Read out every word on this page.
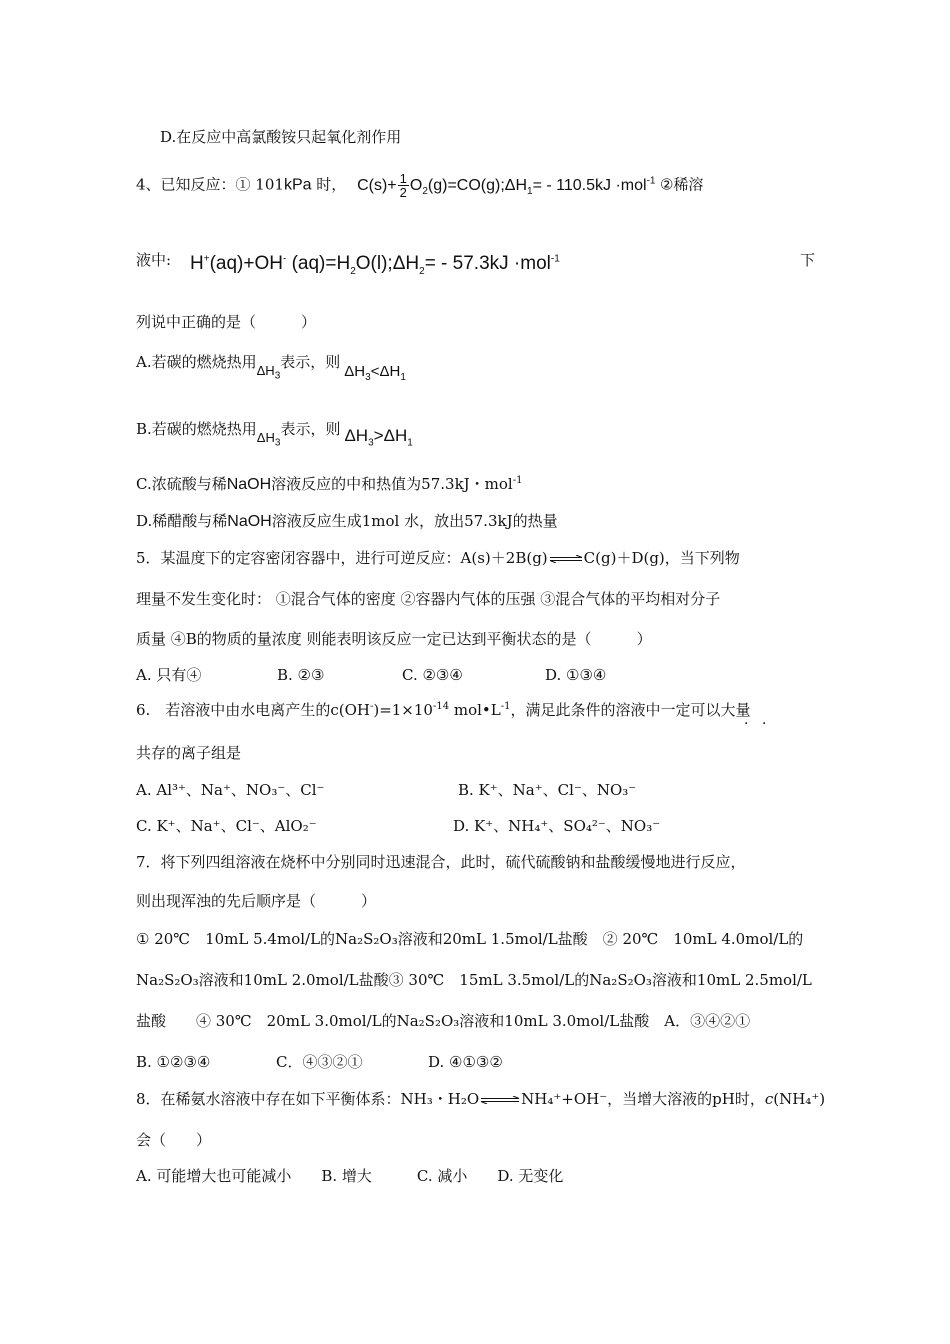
D.在反应中高氯酸铵只起氧化剂作用
4、已知反应：① 101kPa 时， $C(s)+ \frac{1}{2}$ $O_2(g)=CO(g);\Delta H_1= - 110.5kJ \cdot mol^{-1}$ ②稀溶
液中: H+(aq)+OH- $(aq)=H_2O(l);\Delta H_2= - 57.3kJ \cdot mol^{-1}$	下
列说中正确的是（　　　）
A.若碳的燃烧热用$\Delta H_3$表示，则$\Delta H_3<\Delta H_1$
B.若碳的燃烧热用$\Delta H_3$表示，则 $\Delta H_3>\Delta H_1$
C.浓硫酸与稀NaOH溶液反应的中和热值为57.3kJ・mol$^{-1}$
D.稀醋酸与稀NaOH溶液反应生成1mol 水，放出57.3kJ的热量
5．某温度下的定容密闭容器中，进行可逆反应：A(s)＋2B(g)⇌C(g)＋D(g)，当下列物
理量不发生变化时： ①混合气体的密度 ②容器内气体的压强 ③混合气体的平均相对分子
质量 ④B的物质的量浓度 则能表明该反应一定已达到平衡状态的是（　　　）
A. 只有④	B. ②③	C. ②③④	D. ①③④
6.　若溶液中由水电离产生的$c(OH^-)=1\times 10^{-14}$ $mol•L^{-1}$，满足此条件的溶液中一定可以大量
· ·
共存的离子组是
A. Al³⁺、Na⁺、NO₃⁻、Cl⁻	B. K⁺、Na⁺、Cl⁻、NO₃⁻
C. K⁺、Na⁺、Cl⁻、AlO₂⁻	D. K⁺、NH₄⁺、SO₄²⁻、NO₃⁻
7．将下列四组溶液在烧杯中分别同时迅速混合，此时，硫代硫酸钠和盐酸缓慢地进行反应，
则出现浑浊的先后顺序是（　　　）
① 20℃　10mL 5.4mol/L的Na₂S₂O₃溶液和20mL 1.5mol/L盐酸　② 20℃　10mL 4.0mol/L的
Na₂S₂O₃溶液和10mL 2.0mol/L盐酸③ 30℃　15mL 3.5mol/L的Na₂S₂O₃溶液和10mL 2.5mol/L
盐酸　　④ 30℃　20mL 3.0mol/L的Na₂S₂O₃溶液和10mL 3.0mol/L盐酸　A．③④②①
B. ①②③④	C．④③②①	D. ④①③②
8．在稀氨水溶液中存在如下平衡体系：NH₃・H₂O⇌NH₄⁺+OH⁻，当增大溶液的pH时，c(NH₄⁺)
会（　　）
A. 可能增大也可能减小　　B. 增大　　　C. 减小　　D. 无变化
